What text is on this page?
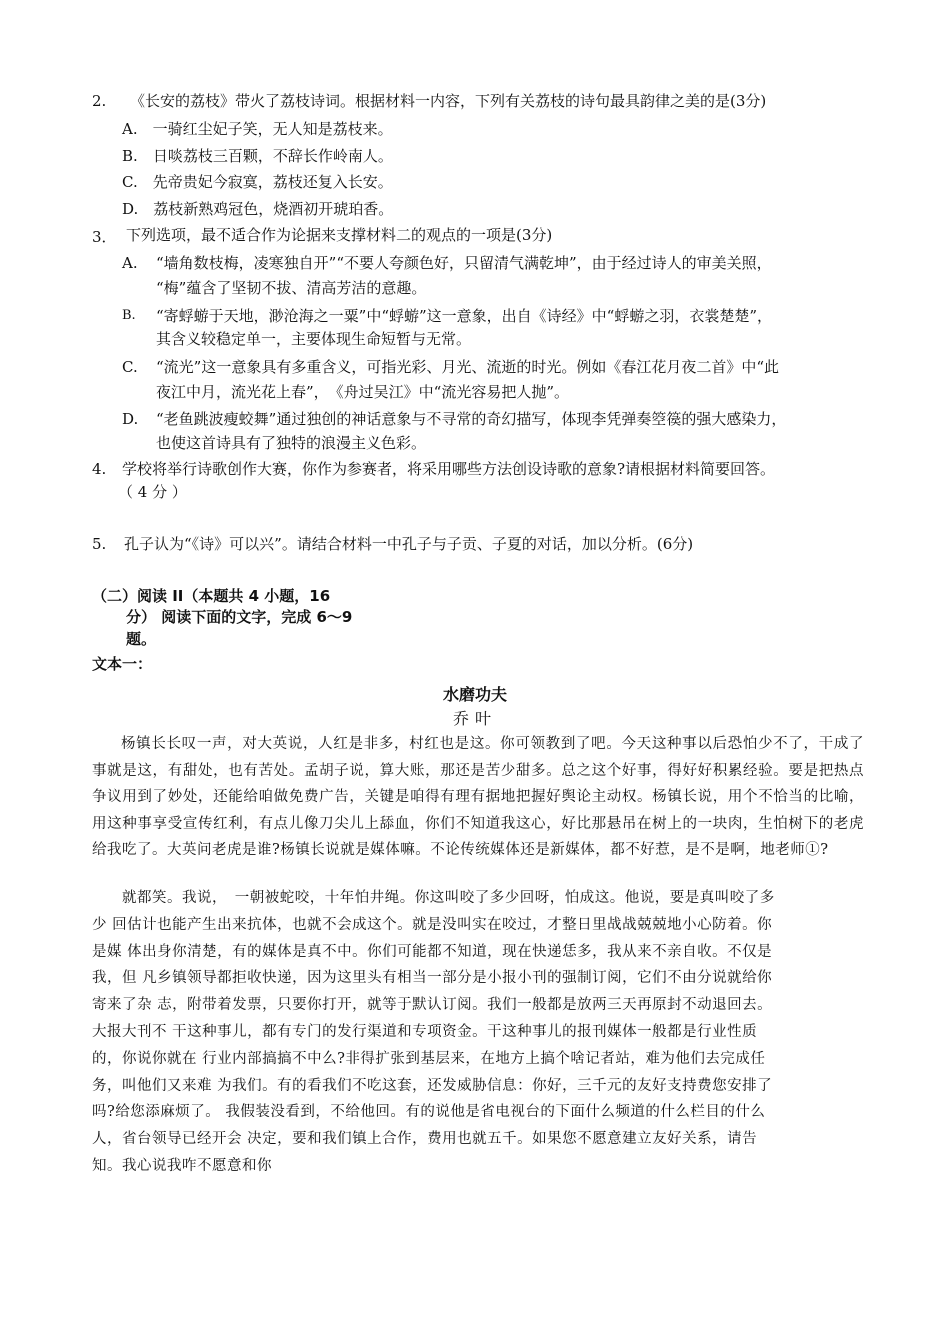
2. 《长安的荔枝》带火了荔枝诗词。根据材料一内容，下列有关荔枝的诗句最具韵律之美的是(3分)
A.　 一骑红尘妃子笑，无人知是荔枝来。
B.　 日啖荔枝三百颗，不辞长作岭南人。
C.　 先帝贵妃今寂寞，荔枝还复入长安。
D.　 荔枝新熟鸡冠色，烧酒初开琥珀香。
3． 下列选项，最不适合作为论据来支撑材料二的观点的一项是(3分)
A. “墙角数枝梅，凌寒独自开”“不要人夸颜色好，只留清气满乾坤”，由于经过诗人的审美关照，
“梅”蕴含了坚韧不拔、清高芳洁的意趣。
B. “寄蜉蝣于天地，渺沧海之一粟”中“蜉蝣”这一意象，出自《诗经》中“蜉蝣之羽，衣裳楚楚”，
其含义较稳定单一，主要体现生命短暂与无常。
C. “流光”这一意象具有多重含义，可指光彩、月光、流逝的时光。例如《春江花月夜二首》中“此
夜江中月，流光花上春”，　《舟过吴江》中“流光容易把人抛”。
D. “老鱼跳波瘦蛟舞”通过独创的神话意象与不寻常的奇幻描写，体现李凭弹奏箜篌的强大感染力，
也使这首诗具有了独特的浪漫主义色彩。
4. 学校将举行诗歌创作大赛，你作为参赛者，将采用哪些方法创设诗歌的意象?请根据材料简要回答。
（ 4 分 ）
5. 孔子认为“《诗》可以兴”。请结合材料一中孔子与子贡、子夏的对话，加以分析。(6分)
（二）阅读 II（本题共 4 小题，16
分） 阅读下面的文字，完成 6～9
题。
文本一：
水磨功夫
乔叶
杨镇长长叹一声，对大英说，人红是非多，村红也是这。你可领教到了吧。今天这种事以后恐怕少不了，干成了事就是这，有甜处，也有苦处。孟胡子说，算大账，那还是苦少甜多。总之这个好事，得好好积累经验。要是把热点争议用到了妙处，还能给咱做免费广告，关键是咱得有理有据地把握好舆论主动权。杨镇长说，用个不恰当的比喻，用这种事享受宣传红利，有点儿像刀尖儿上舔血，你们不知道我这心，好比那悬吊在树上的一块肉，生怕树下的老虎给我吃了。大英问老虎是谁?杨镇长说就是媒体嘛。不论传统媒体还是新媒体，都不好惹，是不是啊，地老师①?
　　就都笑。我说，　一朝被蛇咬，十年怕井绳。你这叫咬了多少回呀，怕成这。他说，要是真叫咬了多
少 回估计也能产生出来抗体，也就不会成这个。就是没叫实在咬过，才整日里战战兢兢地小心防着。你
是媒 体出身你清楚，有的媒体是真不中。你们可能都不知道，现在快递恁多，我从来不亲自收。不仅是
我，但 凡乡镇领导都拒收快递，因为这里头有相当一部分是小报小刊的强制订阅，它们不由分说就给你
寄来了杂 志，附带着发票，只要你打开，就等于默认订阅。我们一般都是放两三天再原封不动退回去。
大报大刊不 干这种事儿，都有专门的发行渠道和专项资金。干这种事儿的报刊媒体一般都是行业性质
的，你说你就在 行业内部搞搞不中么?非得扩张到基层来，在地方上搞个啥记者站，难为他们去完成任
务，叫他们又来难 为我们。有的看我们不吃这套，还发威胁信息：你好，三千元的友好支持费您安排了
吗?给您添麻烦了。 我假装没看到，不给他回。有的说他是省电视台的下面什么频道的什么栏目的什么
人，省台领导已经开会 决定，要和我们镇上合作，费用也就五千。如果您不愿意建立友好关系，请告
知。我心说我咋不愿意和你
